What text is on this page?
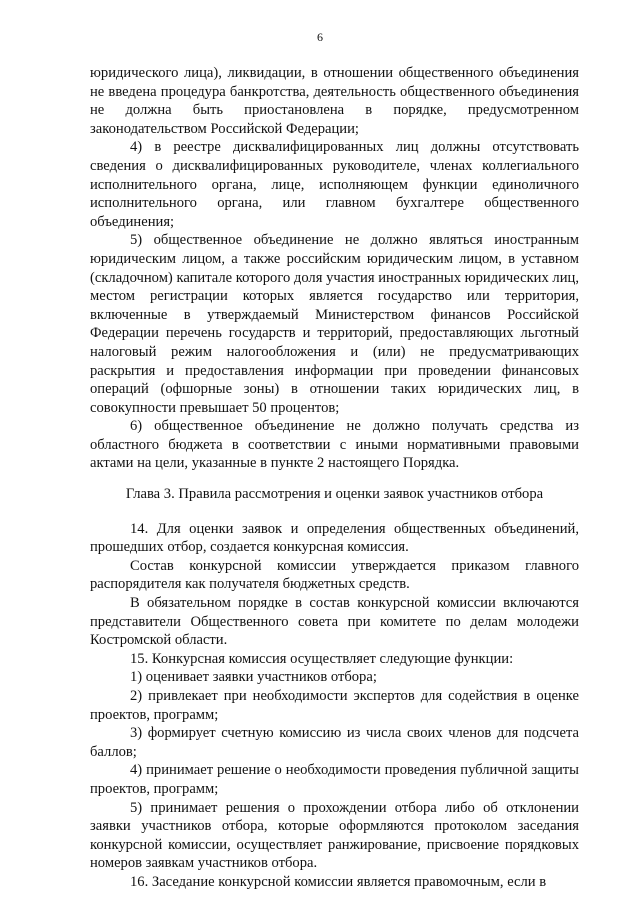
6

юридического лица), ликвидации, в отношении общественного объединения не введена процедура банкротства, деятельность общественного объединения не должна быть приостановлена в порядке, предусмотренном законодательством Российской Федерации;

4) в реестре дисквалифицированных лиц должны отсутствовать сведения о дисквалифицированных руководителе, членах коллегиального исполнительного органа, лице, исполняющем функции единоличного исполнительного органа, или главном бухгалтере общественного объединения;

5) общественное объединение не должно являться иностранным юридическим лицом, а также российским юридическим лицом, в уставном (складочном) капитале которого доля участия иностранных юридических лиц, местом регистрации которых является государство или территория, включенные в утверждаемый Министерством финансов Российской Федерации перечень государств и территорий, предоставляющих льготный налоговый режим налогообложения и (или) не предусматривающих раскрытия и предоставления информации при проведении финансовых операций (офшорные зоны) в отношении таких юридических лиц, в совокупности превышает 50 процентов;

6) общественное объединение не должно получать средства из областного бюджета в соответствии с иными нормативными правовыми актами на цели, указанные в пункте 2 настоящего Порядка.

Глава 3. Правила рассмотрения и оценки заявок участников отбора

14. Для оценки заявок и определения общественных объединений, прошедших отбор, создается конкурсная комиссия.

Состав конкурсной комиссии утверждается приказом главного распорядителя как получателя бюджетных средств.

В обязательном порядке в состав конкурсной комиссии включаются представители Общественного совета при комитете по делам молодежи Костромской области.

15. Конкурсная комиссия осуществляет следующие функции:

1) оценивает заявки участников отбора;

2) привлекает при необходимости экспертов для содействия в оценке проектов, программ;

3) формирует счетную комиссию из числа своих членов для подсчета баллов;

4) принимает решение о необходимости проведения публичной защиты проектов, программ;

5) принимает решения о прохождении отбора либо об отклонении заявки участников отбора, которые оформляются протоколом заседания конкурсной комиссии, осуществляет ранжирование, присвоение порядковых номеров заявкам участников отбора.

16. Заседание конкурсной комиссии является правомочным, если в
